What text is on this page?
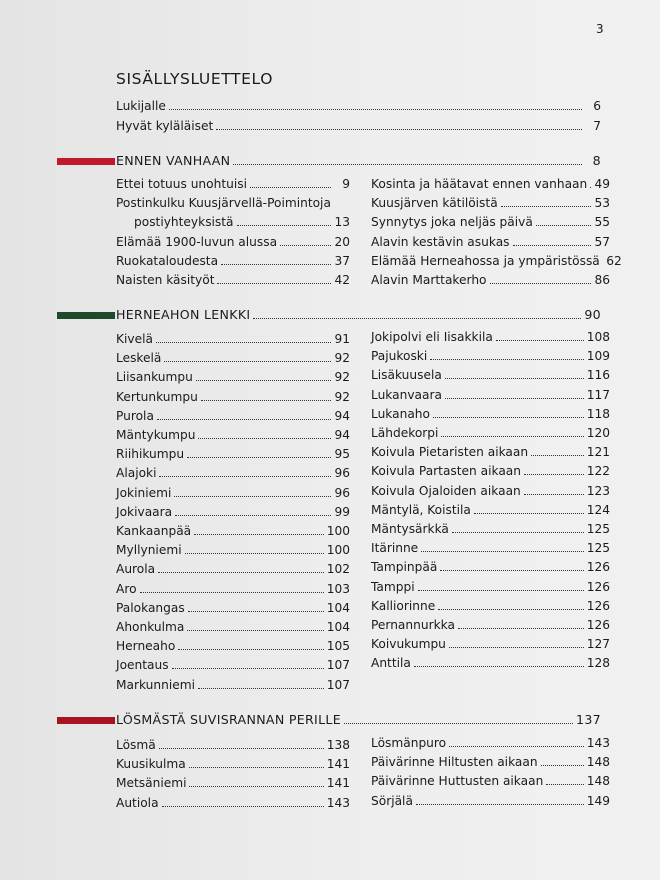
3
SISÄLLYSLUETTELO
Lukijalle	6
Hyvät kyläläiset	7
ENNEN VANHAAN	8
Ettei totuus unohtuisi	9
Postinkulku Kuusjärvellä-Poimintoja
postiyhteyksistä	13
Elämää 1900-luvun alussa	20
Ruokataloudesta	37
Naisten käsityöt	42
Kosinta ja häätavat ennen vanhaan 49
Kuusjärven kätilöistä	53
Synnytys joka neljäs päivä	55
Alavin kestävin asukas	57
Elämää Herneahossa ja ympäristössä 62
Alavin Marttakerho	86
HERNEAHON LENKKI	90
Kivelä	91
Leskelä	92
Liisankumpu	92
Kertunkumpu	92
Purola	94
Mäntykumpu	94
Riihikumpu	95
Alajoki	96
Jokiniemi	96
Jokivaara	99
Kankaanpää	100
Myllyniemi	100
Aurola	102
Aro	103
Palokangas	104
Ahonkulma	104
Herneaho	105
Joentaus	107
Markunniemi	107
Jokipolvi eli Iisakkila	108
Pajukoski	109
Lisäkuusela	116
Lukanvaara	117
Lukanaho	118
Lähdekorpi	120
Koivula Pietaristen aikaan	121
Koivula Partasten aikaan	122
Koivula Ojaloiden aikaan	123
Mäntylä, Koistila	124
Mäntysärkkä	125
Itärinne	125
Tampinpää	126
Tamppi	126
Kalliorinne	126
Pernannurkka	126
Koivukumpu	127
Anttila	128
LÖSMÄSTÄ SUVISRANNAN PERILLE	137
Lösmä	138
Kuusikulma	141
Metsäniemi	141
Autiola	143
Lösmänpuro	143
Päivärinne Hiltusten aikaan	148
Päivärinne Huttusten aikaan	148
Sörjälä	149
